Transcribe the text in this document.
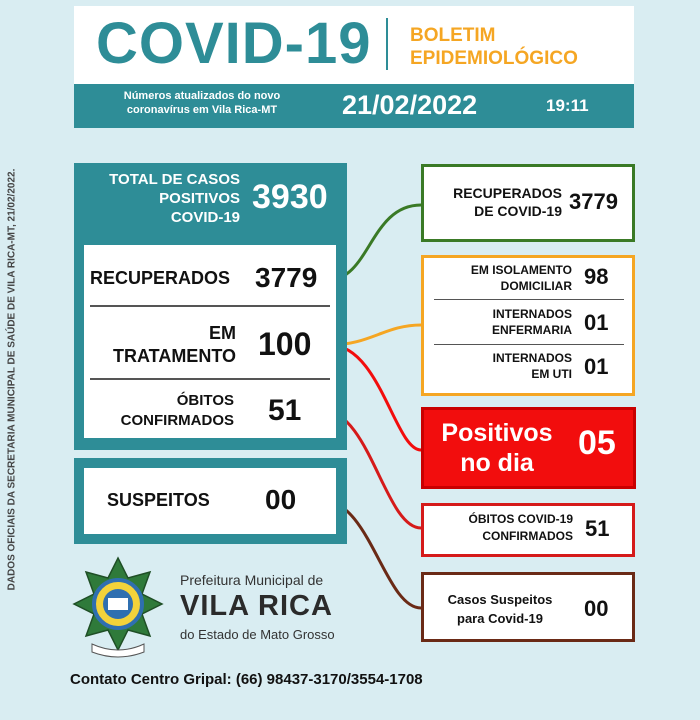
COVID-19 BOLETIM
EPIDEMIOLÓGICO
Números atualizados do novo
coronavírus em Vila Rica-MT	21/02/2022	19:11
DADOS OFICIAIS DA SECRETARIA MUNICIPAL DE SAÚDE DE VILA RICA-MT, 21/02/2022.	TOTAL DE CASOS
POSITIVOS
COVID-19
3930
RECUPERADOS 3779
EM
TRATAMENTO 100
ÓBITOS
CONFIRMADOS 51
SUSPEITOS 00
RECUPERADOS
DE COVID-19 3779
EM ISOLAMENTO
DOMICILIAR 98
INTERNADOS
ENFERMARIA 01
INTERNADOS
EM UTI 01
Positivos
no dia
05
ÓBITOS COVID-19
CONFIRMADOS 51
Casos Suspeitos
para Covid-19	00
Prefeitura Municipal de
VILA RICA
do Estado de Mato Grosso
Contato Centro Gripal: (66) 98437-3170/3554-1708
